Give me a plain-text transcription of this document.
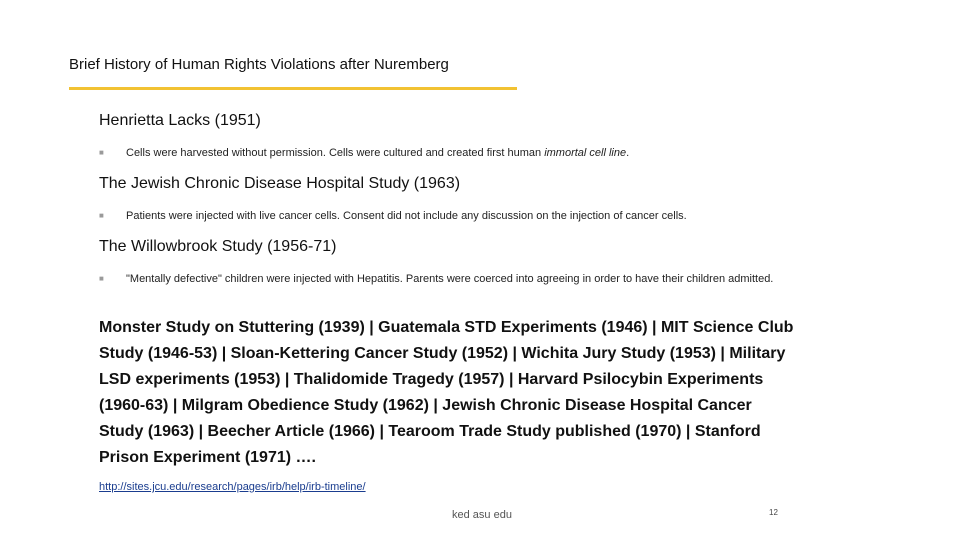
Brief History of Human Rights Violations after Nuremberg
Henrietta Lacks (1951)
■ Cells were harvested without permission. Cells were cultured and created first human immortal cell line.
The Jewish Chronic Disease Hospital Study (1963)
■ Patients were injected with live cancer cells. Consent did not include any discussion on the injection of cancer cells.
The Willowbrook Study (1956-71)
■ "Mentally defective" children were injected with Hepatitis. Parents were coerced into agreeing in order to have their children admitted.
Monster Study on Stuttering (1939) | Guatemala STD Experiments (1946) | MIT Science Club Study (1946-53) | Sloan-Kettering Cancer Study (1952) | Wichita Jury Study (1953) | Military LSD experiments (1953) | Thalidomide Tragedy (1957) | Harvard Psilocybin Experiments (1960-63) | Milgram Obedience Study (1962) | Jewish Chronic Disease Hospital Cancer Study (1963) | Beecher Article (1966) | Tearoom Trade Study published (1970) | Stanford Prison Experiment (1971) ….
http://sites.jcu.edu/research/pages/irb/help/irb-timeline/
ked asu edu	12
